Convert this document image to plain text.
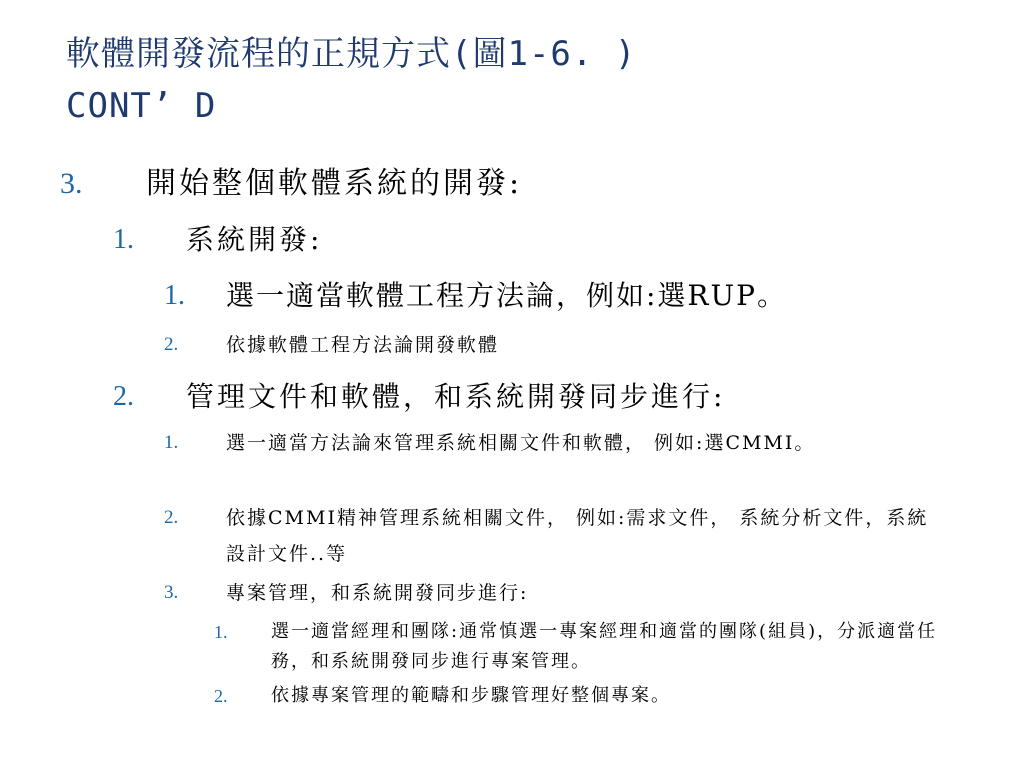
軟體開發流程的正規方式(圖1-6. )
CONT’ D
3. 開始整個軟體系統的開發:
1. 系統開發:
1. 選一適當軟體工程方法論，例如:選RUP。
2.	依據軟體工程方法論開發軟體
2. 管理文件和軟體，和系統開發同步進行:
1.	選一適當方法論來管理系統相關文件和軟體， 例如:選CMMI。
2.	依據CMMI精神管理系統相關文件， 例如:需求文件， 系統分析文件，系統設計文件..等
3.	專案管理，和系統開發同步進行:
1. 選一適當經理和團隊:通常慎選一專案經理和適當的團隊(組員)，分派適當任務，和系統開發同步進行專案管理。
2. 依據專案管理的範疇和步驟管理好整個專案。
